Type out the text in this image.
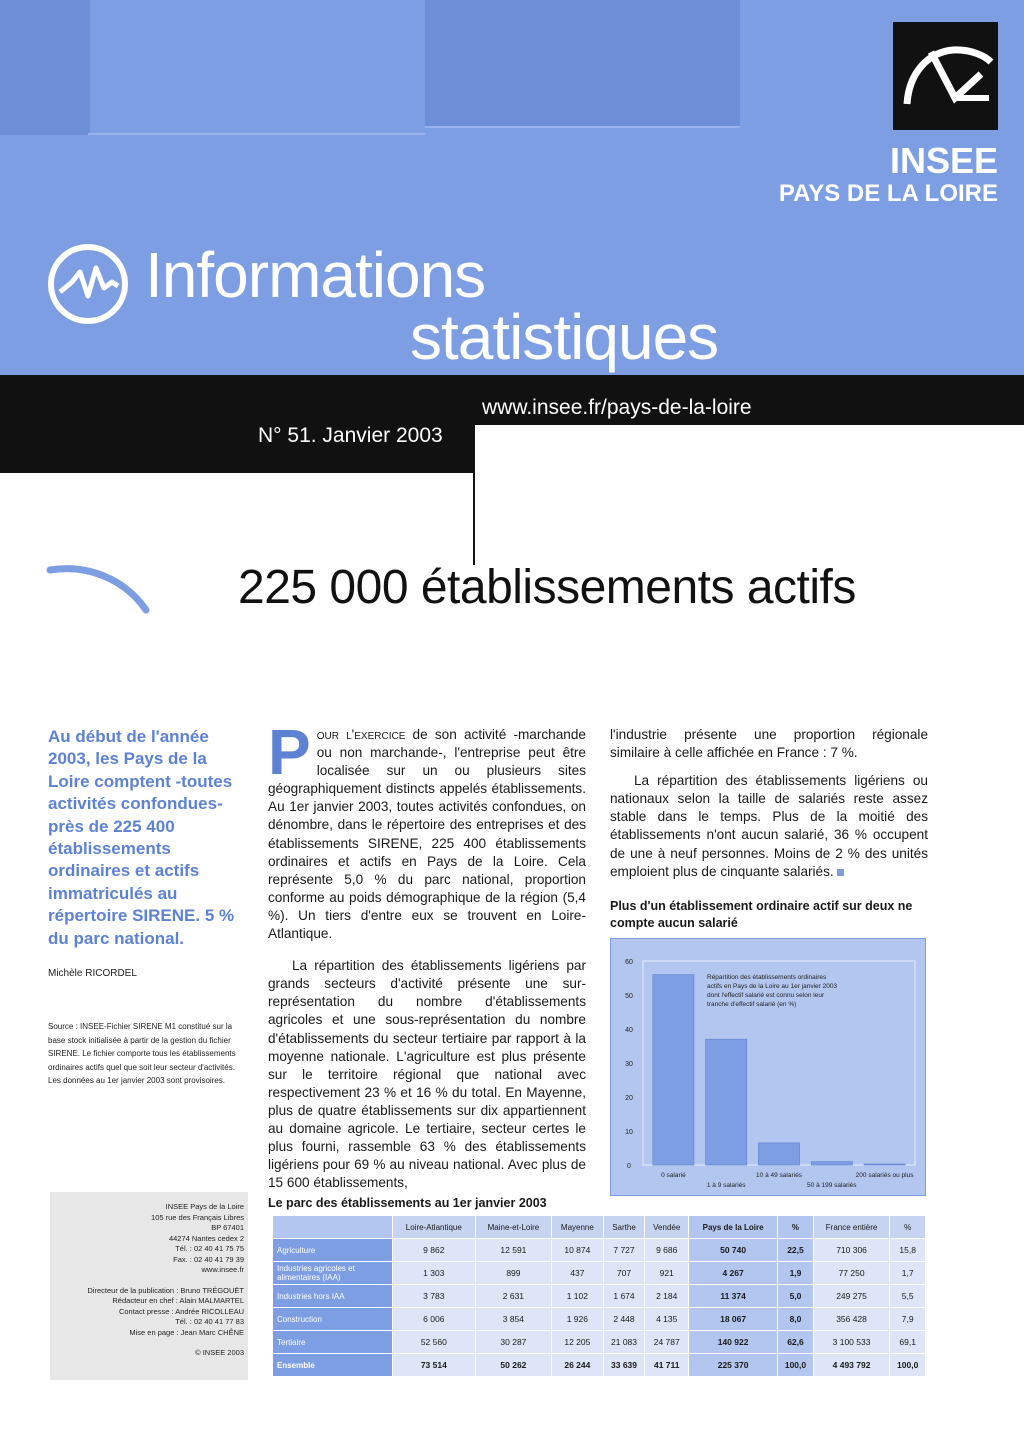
INSEE
PAYS DE LA LOIRE
Informations
statistiques
www.insee.fr/pays-de-la-loire
N° 51. Janvier 2003
225 000 établissements actifs
Au début de l'année 2003, les Pays de la Loire comptent -toutes activités confondues- près de 225 400 établissements ordinaires et actifs immatriculés au répertoire SIRENE. 5 % du parc national.
Michèle RICORDEL
Source : INSEE-Fichier SIRENE M1 constitué sur la base stock initialisée à partir de la gestion du fichier SIRENE. Le fichier comporte tous les établissements ordinaires actifs quel que soit leur secteur d'activités. Les données au 1er janvier 2003 sont provisoires.

INSEE Pays de la Loire

105 rue des Français Libres

BP 67401

44274 Nantes cedex 2

Tél. : 02 40 41 75 75

Fax. : 02 40 41 79 39

www.insee.fr

Directeur de la publication : Bruno TRÉGOUËT

Rédacteur en chef : Alain MALMARTEL

Contact presse : Andrée RICOLLEAU

Tél. : 02 40 41 77 83

Mise en page : Jean Marc CHÊNE

© INSEE 2003

P our l'exercice de son activité -marchande ou non marchande-, l'entreprise peut être localisée sur un ou plusieurs sites géographiquement distincts appelés établissements. Au 1er janvier 2003, toutes activités confondues, on dénombre, dans le répertoire des entreprises et des établissements SIRENE, 225 400 établissements ordinaires et actifs en Pays de la Loire. Cela représente 5,0 % du parc national, proportion conforme au poids démographique de la région (5,4 %). Un tiers d'entre eux se trouvent en Loire-Atlantique.

La répartition des établissements ligériens par grands secteurs d'activité présente une sur-représentation du nombre d'établissements agricoles et une sous-représentation du nombre d'établissements du secteur tertiaire par rapport à la moyenne nationale. L'agriculture est plus présente sur le territoire régional que national avec respectivement 23 % et 16 % du total. En Mayenne, plus de quatre établissements sur dix appartiennent au domaine agricole. Le tertiaire, secteur certes le plus fourni, rassemble 63 % des établissements ligériens pour 69 % au niveau national. Avec plus de 15 600 établissements,

l'industrie présente une proportion régionale similaire à celle affichée en France : 7 %.

La répartition des établissements ligériens ou nationaux selon la taille de salariés reste assez stable dans le temps. Plus de la moitié des établissements n'ont aucun salarié, 36 % occupent de une à neuf personnes. Moins de 2 % des unités emploient plus de cinquante salariés.

Plus d'un établissement ordinaire actif sur deux ne compte aucun salarié
0
10
20
30
40
50
60
0 salarié
1 à 9 salariés
10 à 49 salariés
50 à 199 salariés
200 salariés ou plus
Répartition des établissements ordinaires actifs en Pays de la Loire au 1er janvier 2003 dont l'effectif salarié est connu selon leur tranche d'effectif salarié (en %)
Le parc des établissements au 1er janvier 2003
	Loire-Atlantique	Maine-et-Loire	Mayenne	Sarthe	Vendée	Pays de la Loire	%	France entière	%
Agriculture	9 862	12 591	10 874	7 727	9 686	50 740	22,5	710 306	15,8
Industries agricoles et alimentaires (IAA)	1 303	899	437	707	921	4 267	1,9	77 250	1,7
Industries hors IAA	3 783	2 631	1 102	1 674	2 184	11 374	5,0	249 275	5,5
Construction	6 006	3 854	1 926	2 448	4 135	18 067	8,0	356 428	7,9
Tertiaire	52 560	30 287	12 205	21 083	24 787	140 922	62,6	3 100 533	69,1
Ensemble	73 514	50 262	26 244	33 639	41 711	225 370	100,0	4 493 792	100,0
